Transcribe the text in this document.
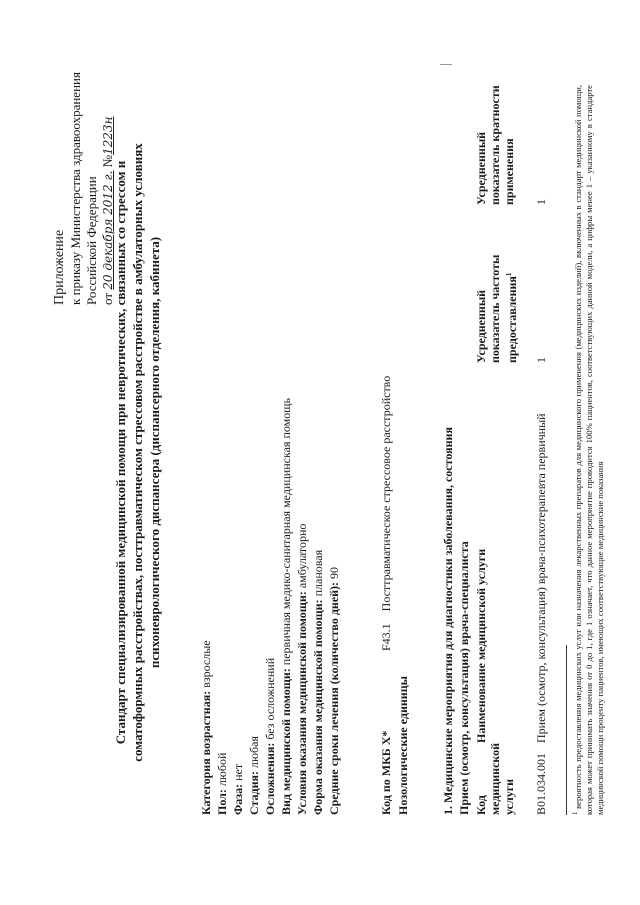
Приложение к приказу Министерства здравоохранения Российской Федерации от 20 декабря 2012 г. №1223н
Стандарт специализированной медицинской помощи при невротических, связанных со стрессом и соматоформных расстройствах, посттравматическом стрессовом расстройстве в амбулаторных условиях психоневрологического диспансера (диспансерного отделения, кабинета)
Категория возрастная: взрослые
Пол: любой
Фаза: нет Стадия: любая Осложнения: без осложнений Вид медицинской помощи: первичная медико-санитарная медицинская помощь
Условия оказания медицинской помощи: амбулаторно
Форма оказания медицинской помощи: плановая
Средние сроки лечения (количество дней): 90
Код по МКБ X*F43.1    Посттравматическое стрессовое расстройство
Нозологические единицы	1. Медицинские мероприятия для диагностики заболевания, состояния Прием (осмотр, консультация) врача-специалиста Код медицинской услуги
Наименование медицинской услуги
Усредненный показатель частоты предоставления$^1$
Усредненный показатель кратности применения
B01.034.001
Прием (осмотр, консультация) врача-психотерапевта первичный
1
1
$^1$ вероятность предоставления медицинских услуг или назначения лекарственных препаратов для медицинского применения (медицинских изделий), включенных в стандарт медицинской помощи, которая может принимать значения от 0 до 1, где 1 означает, что данное мероприятие проводится 100% пациентов, соответствующих данной модели, а цифры менее 1 – указанному в стандарте медицинской помощи проценту пациентов, имеющих соответствующие медицинские показания
